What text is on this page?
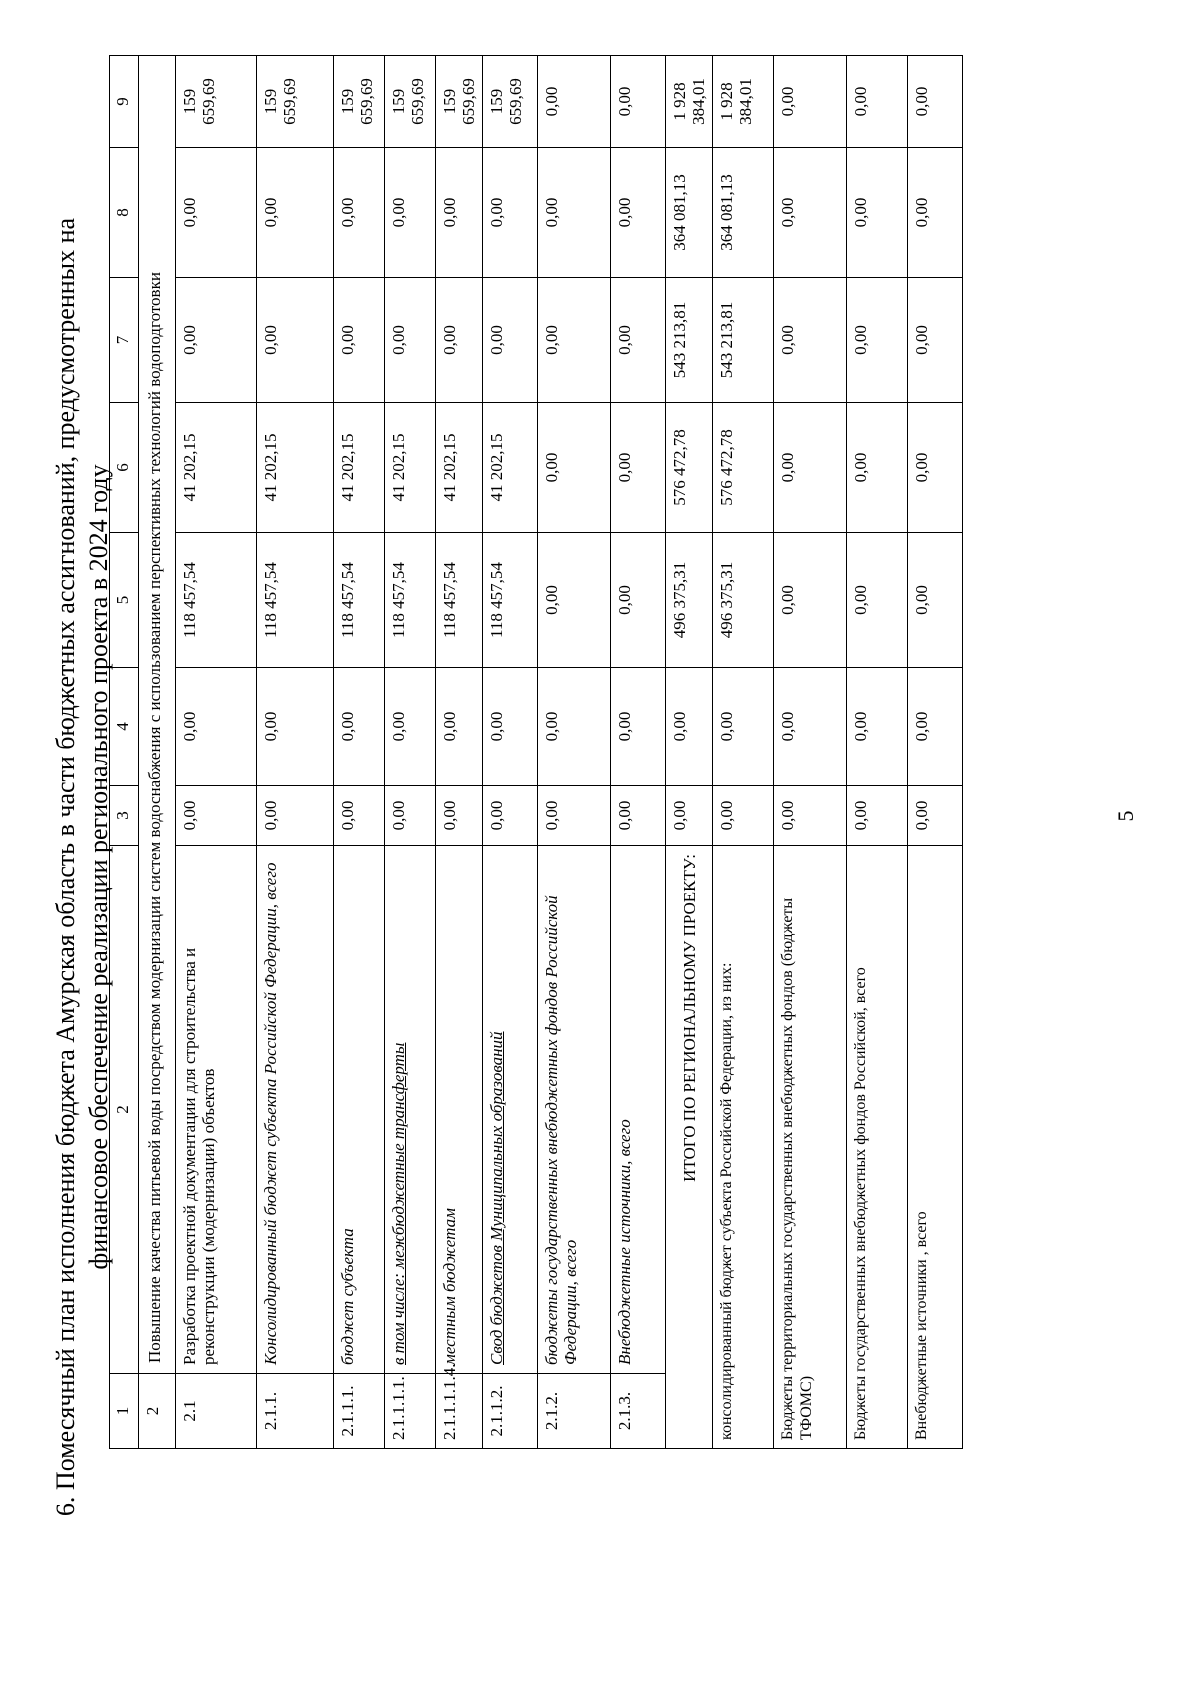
6. Помесячный план исполнения бюджета Амурская область в части бюджетных ассигнований, предусмотренных на финансовое обеспечение реализации регионального проекта в 2024 году
1	2	3	4	5	6	7	8	9
2	Повышение качества питьевой воды посредством модернизации систем водоснабжения с использованием перспективных технологий водоподготовки							
2.1	Разработка проектной документации для строительства и реконструкции (модернизации) объектов	0,00	0,00	118 457,54	41 202,15	0,00	0,00	159 659,69
2.1.1.	Консолидированный бюджет субъекта Российской Федерации, всего	0,00	0,00	118 457,54	41 202,15	0,00	0,00	159 659,69
2.1.1.1.	бюджет субъекта	0,00	0,00	118 457,54	41 202,15	0,00	0,00	159 659,69
2.1.1.1.1.	в том числе: межбюджетные трансферты	0,00	0,00	118 457,54	41 202,15	0,00	0,00	159 659,69
2.1.1.1.1.4.	местным бюджетам	0,00	0,00	118 457,54	41 202,15	0,00	0,00	159 659,69
2.1.1.2.	Свод бюджетов Муниципальных образований	0,00	0,00	118 457,54	41 202,15	0,00	0,00	159 659,69
2.1.2.	бюджеты государственных внебюджетных фондов Российской Федерации, всего	0,00	0,00	0,00	0,00	0,00	0,00	0,00
2.1.3.	Внебюджетные источники, всего	0,00	0,00	0,00	0,00	0,00	0,00	0,00
ИТОГО ПО РЕГИОНАЛЬНОМУ ПРОЕКТУ:		0,00	0,00	496 375,31	576 472,78	543 213,81	364 081,13	1 928 384,01
консолидированный бюджет субъекта Российской Федерации, из них:		0,00	0,00	496 375,31	576 472,78	543 213,81	364 081,13	1 928 384,01
Бюджеты территориальных государственных внебюджетных фондов (бюджеты ТФОМС)		0,00	0,00	0,00	0,00	0,00	0,00	0,00
Бюджеты государственных внебюджетных фондов Российской, всего		0,00	0,00	0,00	0,00	0,00	0,00	0,00
Внебюджетные источники , всего		0,00	0,00	0,00	0,00	0,00	0,00	0,00
5
